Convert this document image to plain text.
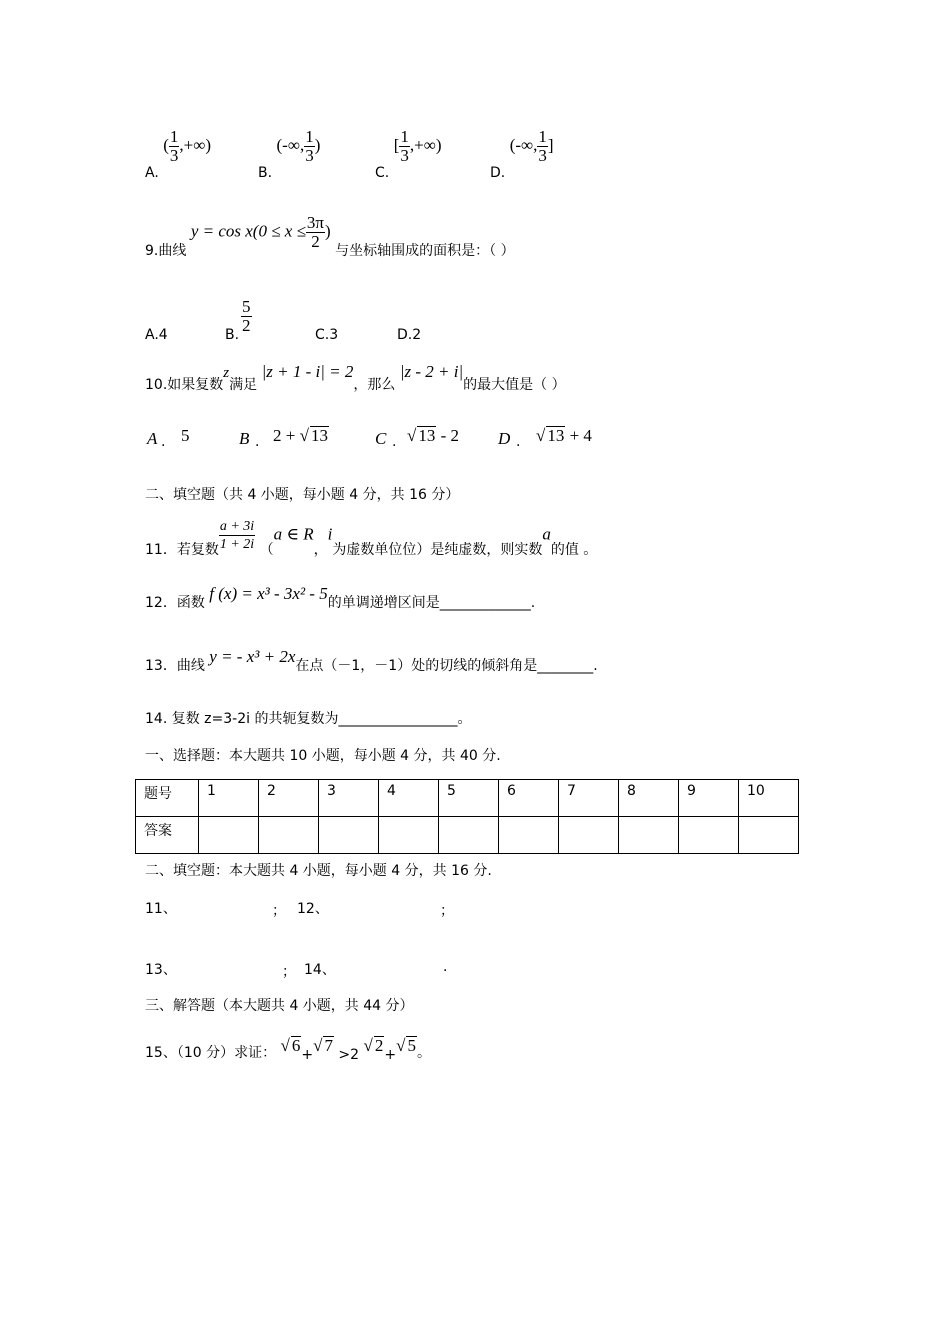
A. ( $\frac{1}{3}$ ,+∞)
B. (-∞, $\frac{1}{3}$ )
C. [ $\frac{1}{3}$ ,+∞)
D. (-∞, $\frac{1}{3}$ ]
9.曲线 $y = \cos x(0 \le x \le \frac{3\pi}{2}$ ) 与坐标轴围成的面积是：（ ）
A.4	B. $\frac{5}{2}$	C.3	D.2
10.如果复数z满足 |z + 1 - i| = 2，那么 |z - 2 + i|的最大值是（ ）
A . 5	B . 2 + √ 13	C . √ 13 - 2 D . √ 13 + 4
二、填空题（共 4 小题，每小题 4 分，共 16 分）
11．若复数 $\frac{a + 3i}{1 + 2i} (a$ ∈ R，i为虚数单位位）是纯虚数，则实数a的值 。
12．函数 f (x) = x³ - 3x² - 5的单调递增区间是_____________.
13．曲线 y = - x³ + 2x在点（－1，－1）处的切线的倾斜角是________.
14. 复数 z=3-2i 的共轭复数为_________________。
一、选择题：本大题共 10 小题，每小题 4 分，共 40 分.
题号	1	2	3	4	5	6	7	8	9	10
答案										
二、填空题：本大题共 4 小题，每小题 4 分，共 16 分.
11、	； 12、	；
13、	； 14、	.
三、解答题（本大题共 4 小题，共 44 分）
15、（10 分）求证： √ 6+√ 7 >2 √ 2+√ 5。
